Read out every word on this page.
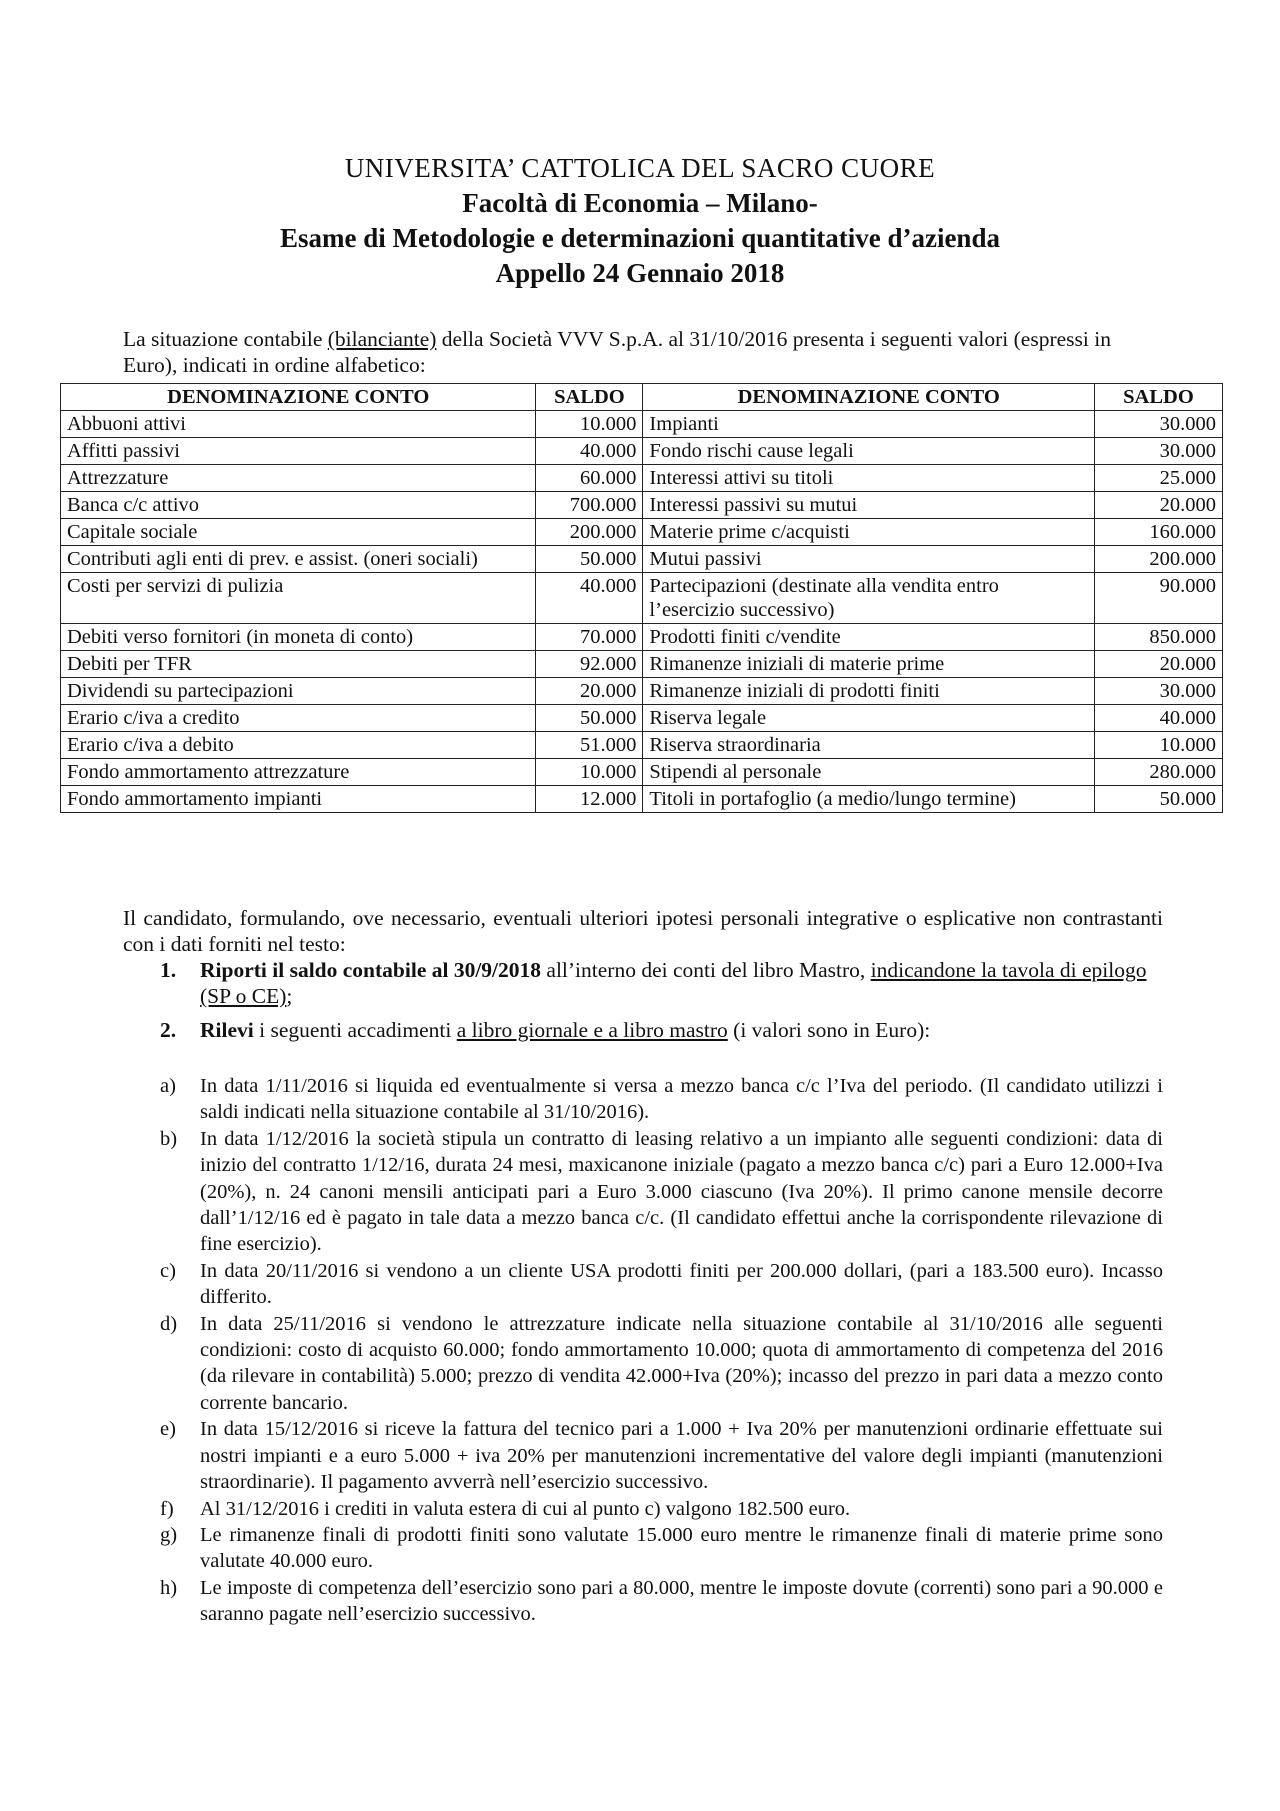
UNIVERSITA’ CATTOLICA DEL SACRO CUORE
Facoltà di Economia – Milano-
Esame di Metodologie e determinazioni quantitative d’azienda
Appello 24 Gennaio 2018
La situazione contabile (bilanciante) della Società VVV S.p.A. al 31/10/2016 presenta i seguenti valori (espressi in Euro), indicati in ordine alfabetico:
DENOMINAZIONE CONTO	SALDO	DENOMINAZIONE CONTO	SALDO
Abbuoni attivi	10.000	Impianti	30.000
Affitti passivi	40.000	Fondo rischi cause legali	30.000
Attrezzature	60.000	Interessi attivi su titoli	25.000
Banca c/c attivo	700.000	Interessi passivi su mutui	20.000
Capitale sociale	200.000	Materie prime c/acquisti	160.000
Contributi agli enti di prev. e assist. (oneri sociali)	50.000	Mutui passivi	200.000
Costi per servizi di pulizia	40.000	Partecipazioni (destinate alla vendita entro l’esercizio successivo)	90.000
Debiti verso fornitori (in moneta di conto)	70.000	Prodotti finiti c/vendite	850.000
Debiti per TFR	92.000	Rimanenze iniziali di materie prime	20.000
Dividendi su partecipazioni	20.000	Rimanenze iniziali di prodotti finiti	30.000
Erario c/iva a credito	50.000	Riserva legale	40.000
Erario c/iva a debito	51.000	Riserva straordinaria	10.000
Fondo ammortamento attrezzature	10.000	Stipendi al personale	280.000
Fondo ammortamento impianti	12.000	Titoli in portafoglio (a medio/lungo termine)	50.000
Il candidato, formulando, ove necessario, eventuali ulteriori ipotesi personali integrative o esplicative non contrastanti con i dati forniti nel testo:
1. Riporti il saldo contabile al 30/9/2018 all’interno dei conti del libro Mastro, indicandone la tavola di epilogo (SP o CE);
2. Rilevi i seguenti accadimenti a libro giornale e a libro mastro (i valori sono in Euro):
a) In data 1/11/2016 si liquida ed eventualmente si versa a mezzo banca c/c l’Iva del periodo. (Il candidato utilizzi i saldi indicati nella situazione contabile al 31/10/2016).
b) In data 1/12/2016 la società stipula un contratto di leasing relativo a un impianto alle seguenti condizioni: data di inizio del contratto 1/12/16, durata 24 mesi, maxicanone iniziale (pagato a mezzo banca c/c) pari a Euro 12.000+Iva (20%), n. 24 canoni mensili anticipati pari a Euro 3.000 ciascuno (Iva 20%). Il primo canone mensile decorre dall’1/12/16 ed è pagato in tale data a mezzo banca c/c. (Il candidato effettui anche la corrispondente rilevazione di fine esercizio).
c) In data 20/11/2016 si vendono a un cliente USA prodotti finiti per 200.000 dollari, (pari a 183.500 euro). Incasso differito.
d) In data 25/11/2016 si vendono le attrezzature indicate nella situazione contabile al 31/10/2016 alle seguenti condizioni: costo di acquisto 60.000; fondo ammortamento 10.000; quota di ammortamento di competenza del 2016 (da rilevare in contabilità) 5.000; prezzo di vendita 42.000+Iva (20%); incasso del prezzo in pari data a mezzo conto corrente bancario.
e) In data 15/12/2016 si riceve la fattura del tecnico pari a 1.000 + Iva 20% per manutenzioni ordinarie effettuate sui nostri impianti e a euro 5.000 + iva 20% per manutenzioni incrementative del valore degli impianti (manutenzioni straordinarie). Il pagamento avverrà nell’esercizio successivo.
f) Al 31/12/2016 i crediti in valuta estera di cui al punto c) valgono 182.500 euro.
g) Le rimanenze finali di prodotti finiti sono valutate 15.000 euro mentre le rimanenze finali di materie prime sono valutate 40.000 euro.
h) Le imposte di competenza dell’esercizio sono pari a 80.000, mentre le imposte dovute (correnti) sono pari a 90.000 e saranno pagate nell’esercizio successivo.
